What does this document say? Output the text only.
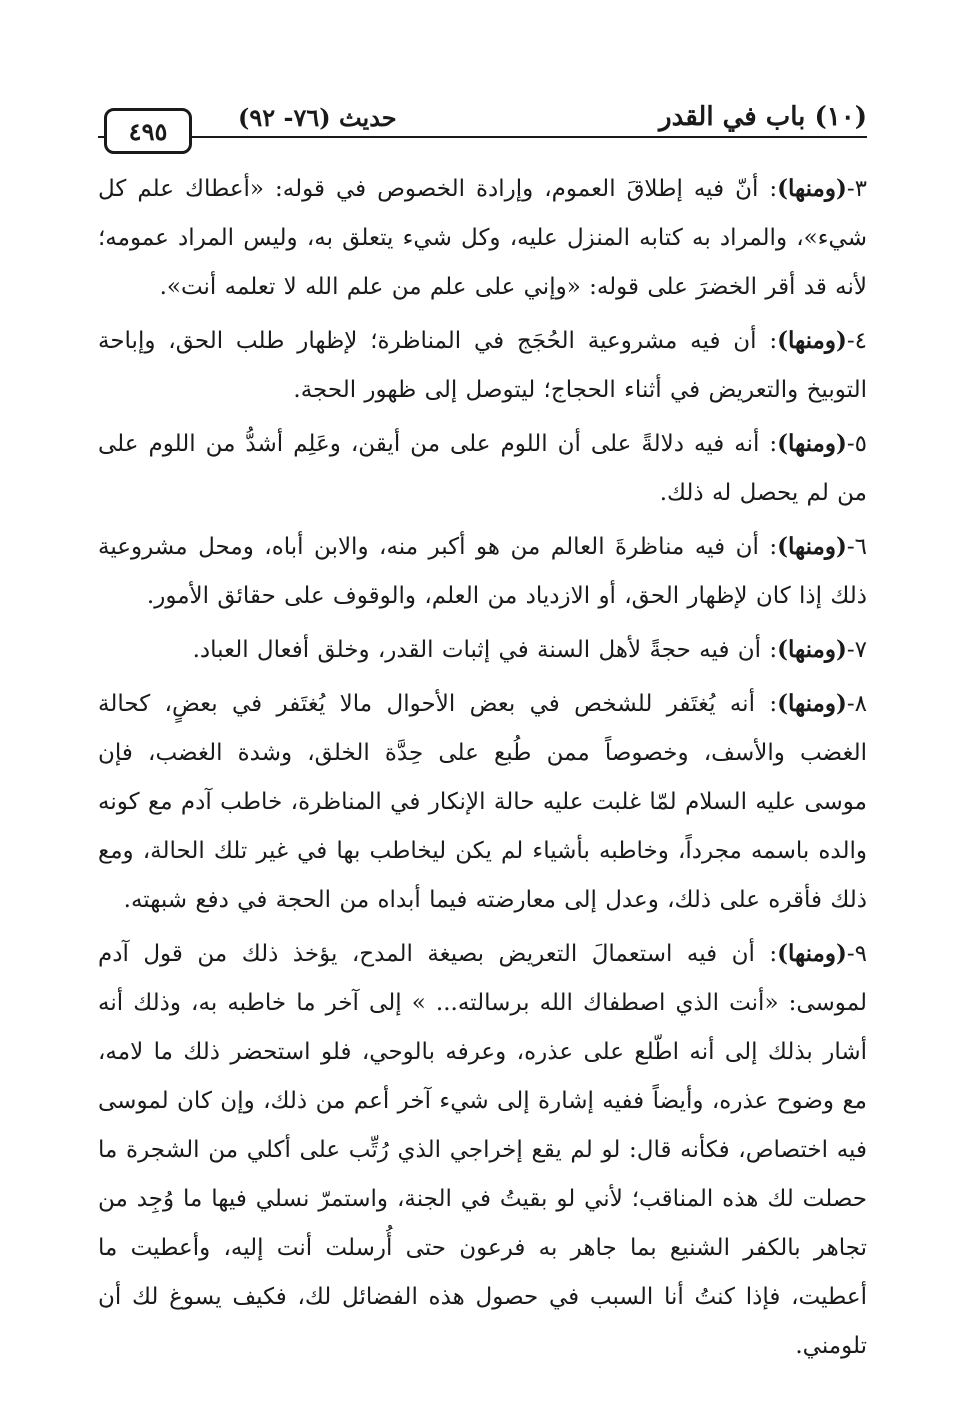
(١٠) باب في القدر
حديث (٧٦- ٩٢)
٤٩٥

٣-(ومنها): أنّ فيه إطلاقَ العموم، وإرادة الخصوص في قوله: «أعطاك علم كل شيء»، والمراد به كتابه المنزل عليه، وكل شيء يتعلق به، وليس المراد عمومه؛ لأنه قد أقر الخضرَ على قوله: «وإني على علم من علم الله لا تعلمه أنت».

٤-(ومنها): أن فيه مشروعية الحُجَج في المناظرة؛ لإظهار طلب الحق، وإباحة التوبيخ والتعريض في أثناء الحجاج؛ ليتوصل إلى ظهور الحجة.

٥-(ومنها): أنه فيه دلالةً على أن اللوم على من أيقن، وعَلِم أشدُّ من اللوم على من لم يحصل له ذلك.

٦-(ومنها): أن فيه مناظرةَ العالم من هو أكبر منه، والابن أباه، ومحل مشروعية ذلك إذا كان لإظهار الحق، أو الازدياد من العلم، والوقوف على حقائق الأمور.

٧-(ومنها): أن فيه حجةً لأهل السنة في إثبات القدر، وخلق أفعال العباد.

٨-(ومنها): أنه يُغتَفر للشخص في بعض الأحوال مالا يُغتَفر في بعضٍ، كحالة الغضب والأسف، وخصوصاً ممن طُبع على حِدَّة الخلق، وشدة الغضب، فإن موسى عليه السلام لمّا غلبت عليه حالة الإنكار في المناظرة، خاطب آدم مع كونه والده باسمه مجرداً، وخاطبه بأشياء لم يكن ليخاطب بها في غير تلك الحالة، ومع ذلك فأقره على ذلك، وعدل إلى معارضته فيما أبداه من الحجة في دفع شبهته.

٩-(ومنها): أن فيه استعمالَ التعريض بصيغة المدح، يؤخذ ذلك من قول آدم لموسى: «أنت الذي اصطفاك الله برسالته... » إلى آخر ما خاطبه به، وذلك أنه أشار بذلك إلى أنه اطّلع على عذره، وعرفه بالوحي، فلو استحضر ذلك ما لامه، مع وضوح عذره، وأيضاً ففيه إشارة إلى شيء آخر أعم من ذلك، وإن كان لموسى فيه اختصاص، فكأنه قال: لو لم يقع إخراجي الذي رُتِّب على أكلي من الشجرة ما حصلت لك هذه المناقب؛ لأني لو بقيتُ في الجنة، واستمرّ نسلي فيها ما وُجِد من تجاهر بالكفر الشنيع بما جاهر به فرعون حتى أُرسلت أنت إليه، وأعطيت ما أعطيت، فإذا كنتُ أنا السبب في حصول هذه الفضائل لك، فكيف يسوغ لك أن تلومني.
